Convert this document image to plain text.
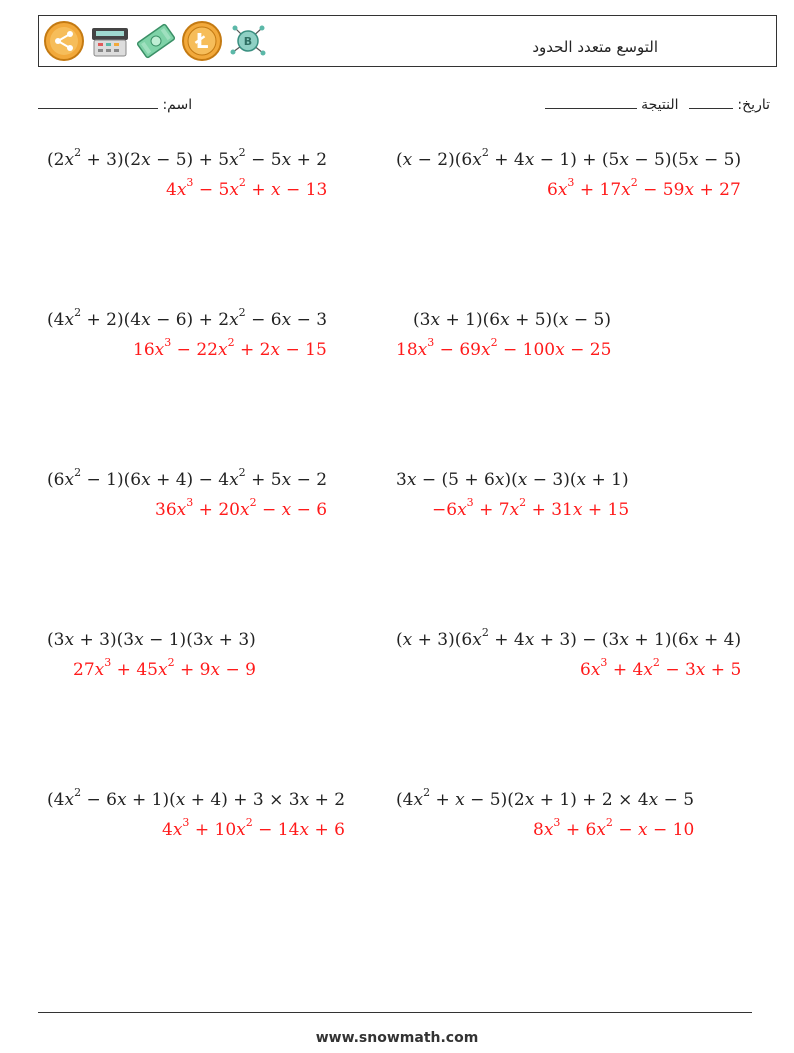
Ł	B	التوسع متعدد الحدود
اسم:	تاريخ:  النتيجة
$(2x^2 + 3)(2x - 5) + 5x^2 - 5x + 2$
$4x^3 - 5x^2 + x - 13$
$(x - 2)(6x^2 + 4x - 1) + (5x - 5)(5x - 5)$
$6x^3 + 17x^2 - 59x + 27$
$(4x^2 + 2)(4x - 6) + 2x^2 - 6x - 3$
$16x^3 - 22x^2 + 2x - 15$
(3x + 1)(6x + 5)(x − 5)
$18x^3 - 69x^2 - 100x - 25$
$(6x^2 - 1)(6x + 4) - 4x^2 + 5x - 2$
$36x^3 + 20x^2 - x - 6$
3x − (5 + 6x)(x − 3)(x + 1)
$-6x^3 + 7x^2 + 31x + 15$
(3x + 3)(3x − 1)(3x + 3)
$27x^3 + 45x^2 + 9x - 9$
$(x + 3)(6x^2 + 4x + 3) - (3x + 1)(6x + 4)$
$6x^3 + 4x^2 - 3x + 5$
$(4x^2 - 6x + 1)(x + 4) + 3 \times 3x + 2$
$4x^3 + 10x^2 - 14x + 6$
$(4x^2 + x - 5)(2x + 1) + 2 \times 4x - 5$
$8x^3 + 6x^2 - x - 10$
www.snowmath.com
